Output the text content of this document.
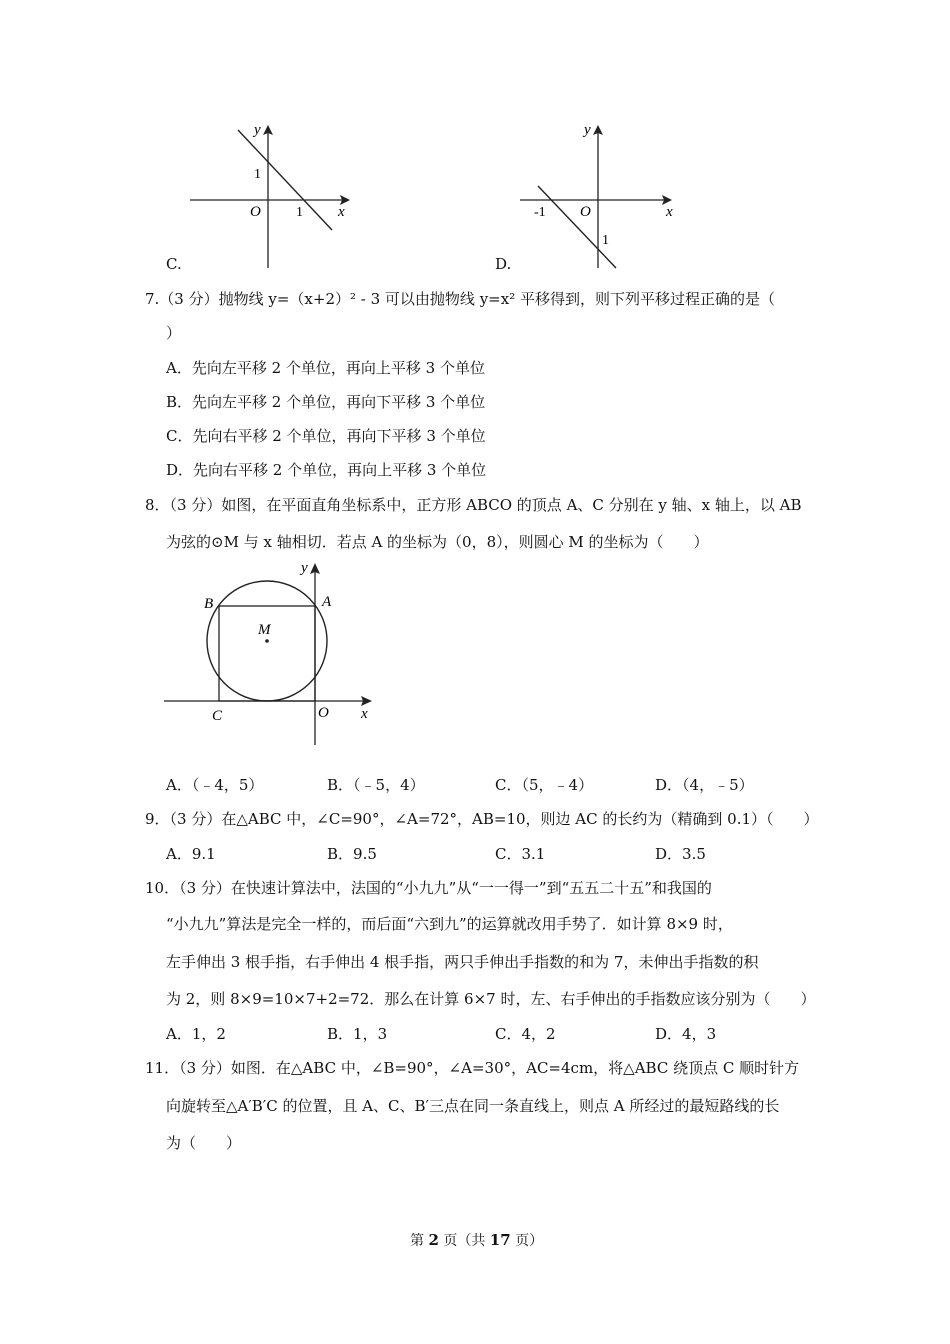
y
x
O
1
1
C.
y
x
O
-1
1
D.
7.（3 分）抛物线 y=（x+2）² - 3 可以由抛物线 y=x² 平移得到，则下列平移过程正确的是（
）
A．先向左平移 2 个单位，再向上平移 3 个单位
B．先向左平移 2 个单位，再向下平移 3 个单位
C．先向右平移 2 个单位，再向下平移 3 个单位
D．先向右平移 2 个单位，再向上平移 3 个单位
8．（3 分）如图，在平面直角坐标系中，正方形 ABCO 的顶点 A、C 分别在 y 轴、x 轴上，以 AB
为弦的⊙M 与 x 轴相切．若点 A 的坐标为（0，8），则圆心 M 的坐标为（　　）
B	A
M
C	O x
y
A．（﹣4，5）	B．（﹣5，4）	C．（5，﹣4）	D．（4，﹣5）
9．（3 分）在△ABC 中，∠C=90°，∠A=72°，AB=10，则边 AC 的长约为（精确到 0.1）（　　）
A．9.1	B．9.5	C．3.1	D．3.5
10．（3 分）在快速计算法中，法国的“小九九”从“一一得一”到“五五二十五”和我国的
“小九九”算法是完全一样的，而后面“六到九”的运算就改用手势了．如计算 8×9 时，
左手伸出 3 根手指，右手伸出 4 根手指，两只手伸出手指数的和为 7，未伸出手指数的积
为 2，则 8×9=10×7+2=72．那么在计算 6×7 时，左、右手伸出的手指数应该分别为（　　）
A．1，2	B．1，3	C．4，2	D．4，3
11．（3 分）如图．在△ABC 中，∠B=90°，∠A=30°，AC=4cm，将△ABC 绕顶点 C 顺时针方
向旋转至△A′B′C 的位置，且 A、C、B′三点在同一条直线上，则点 A 所经过的最短路线的长
为（　　）
第 2 页（共 17 页）
